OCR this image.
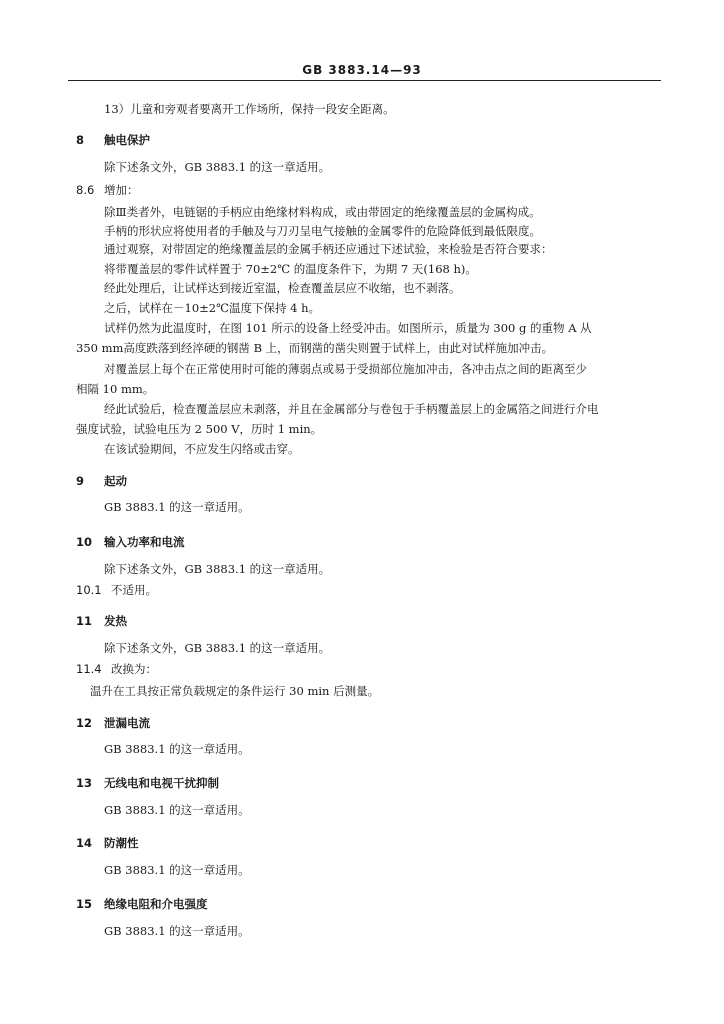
GB 3883.14—93
13）儿童和旁观者要离开工作场所，保持一段安全距离。
8 触电保护
除下述条文外，GB 3883.1 的这一章适用。
8.6 增加：
除Ⅲ类者外，电链锯的手柄应由绝缘材料构成，或由带固定的绝缘覆盖层的金属构成。
手柄的形状应将使用者的手触及与刀刃呈电气接触的金属零件的危险降低到最低限度。
通过观察，对带固定的绝缘覆盖层的金属手柄还应通过下述试验，来检验是否符合要求：
将带覆盖层的零件试样置于 70±2℃ 的温度条件下，为期 7 天(168 h)。
经此处理后，让试样达到接近室温，检查覆盖层应不收缩，也不剥落。
之后，试样在－10±2℃温度下保持 4 h。
试样仍然为此温度时，在图 101 所示的设备上经受冲击。如图所示，质量为 300 g 的重物 A 从
350 mm高度跌落到经淬硬的钢凿 B 上，而钢凿的凿尖则置于试样上，由此对试样施加冲击。
对覆盖层上每个在正常使用时可能的薄弱点或易于受损部位施加冲击，各冲击点之间的距离至少
相隔 10 mm。
经此试验后，检查覆盖层应未剥落，并且在金属部分与卷包于手柄覆盖层上的金属箔之间进行介电
强度试验，试验电压为 2 500 V，历时 1 min。
在该试验期间，不应发生闪络或击穿。
9 起动
GB 3883.1 的这一章适用。
10 输入功率和电流
除下述条文外，GB 3883.1 的这一章适用。
10.1 不适用。
11 发热
除下述条文外，GB 3883.1 的这一章适用。
11.4 改换为：
温升在工具按正常负载规定的条件运行 30 min 后测量。
12 泄漏电流
GB 3883.1 的这一章适用。
13 无线电和电视干扰抑制
GB 3883.1 的这一章适用。
14 防潮性
GB 3883.1 的这一章适用。
15 绝缘电阻和介电强度
GB 3883.1 的这一章适用。
